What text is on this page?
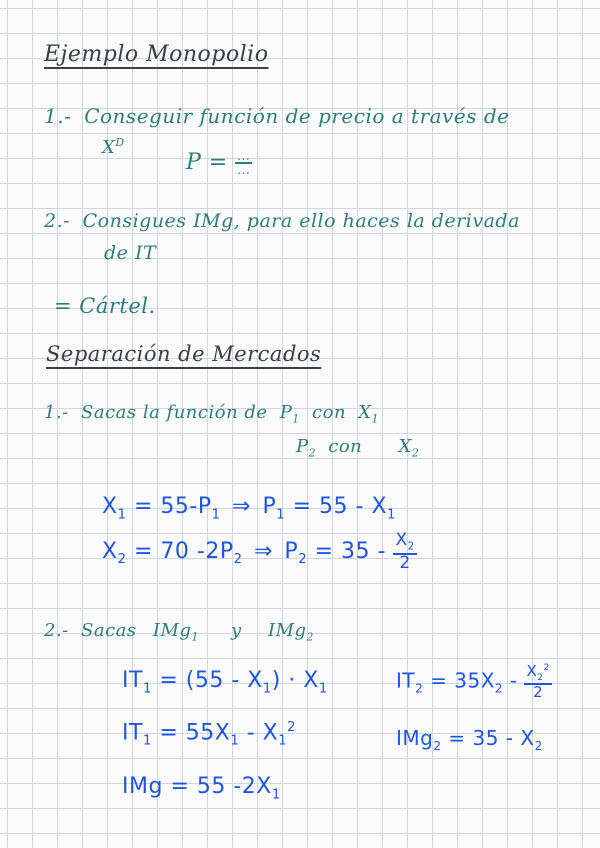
Ejemplo Monopolio
1.- Conseguir función de precio a través de
$X^D$
$P = \frac{...}{...}$
2.- Consigues IMg, para ello haces la derivada
de IT
= Cártel.
Separación de Mercados
1.- Sacas la función de $P_1$ con $X_1$
$P_2$ con $X_2$
$X_1 = 55-P_1$ ⇒ $P_1 = 55 - X_1$
$X_2 = 70$ $-2P_2$ ⇒ $P_2 = 35 - \frac{X_2}{2}$
2.- Sacas IMg$_1$ y IMg$_2$
$IT_1 = (55 - X_1) \cdot X_1$	$IT_2 = 35X_2 - \frac{X_2^2}{2}$
$IT_1 = 55X_1 - X_1^2$	$IMg_2 = 35 - X_2$
IMg = 55 $-2X_1$
